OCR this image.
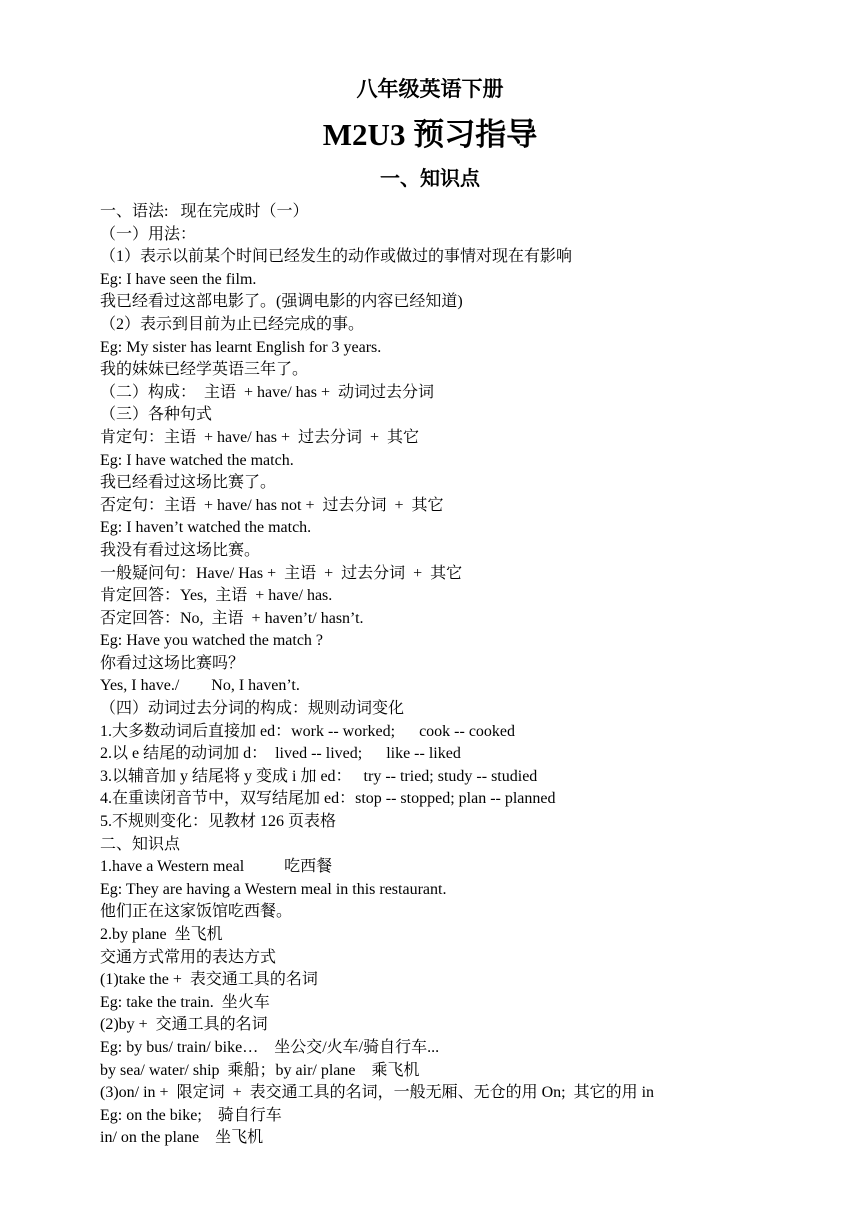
八年级英语下册
M2U3 预习指导
一、知识点
一、语法:   现在完成时（一）
（一）用法：
（1）表示以前某个时间已经发生的动作或做过的事情对现在有影响
Eg: I have seen the film.
我已经看过这部电影了。(强调电影的内容已经知道)
（2）表示到目前为止已经完成的事。
Eg: My sister has learnt English for 3 years.
我的妹妹已经学英语三年了。
（二）构成：  主语  + have/ has +  动词过去分词
（三）各种句式
肯定句：主语  + have/ has +  过去分词  +  其它
Eg: I have watched the match.
我已经看过这场比赛了。
否定句：主语  + have/ has not +  过去分词  +  其它
Eg: I haven’t watched the match.
我没有看过这场比赛。
一般疑问句：Have/ Has +  主语  +  过去分词  +  其它
肯定回答：Yes,  主语  + have/ has.
否定回答：No,  主语  + haven’t/ hasn’t.
Eg: Have you watched the match ?
你看过这场比赛吗？
Yes, I have./        No, I haven’t.
（四）动词过去分词的构成：规则动词变化
1.大多数动词后直接加 ed：work -- worked;      cook -- cooked
2.以 e 结尾的动词加 d：  lived -- lived;      like -- liked
3.以辅音加 y 结尾将 y 变成 i 加 ed：   try -- tried; study -- studied
4.在重读闭音节中，双写结尾加 ed：stop -- stopped; plan -- planned
5.不规则变化：见教材 126 页表格
二、知识点
1.have a Western meal          吃西餐
Eg: They are having a Western meal in this restaurant.
他们正在这家饭馆吃西餐。
2.by plane  坐飞机
交通方式常用的表达方式
(1)take the +  表交通工具的名词
Eg: take the train.  坐火车
(2)by +  交通工具的名词
Eg: by bus/ train/ bike…    坐公交/火车/骑自行车...
by sea/ water/ ship  乘船；by air/ plane    乘飞机
(3)on/ in +  限定词  +  表交通工具的名词，一般无厢、无仓的用 On;  其它的用 in
Eg: on the bike;    骑自行车
in/ on the plane    坐飞机
